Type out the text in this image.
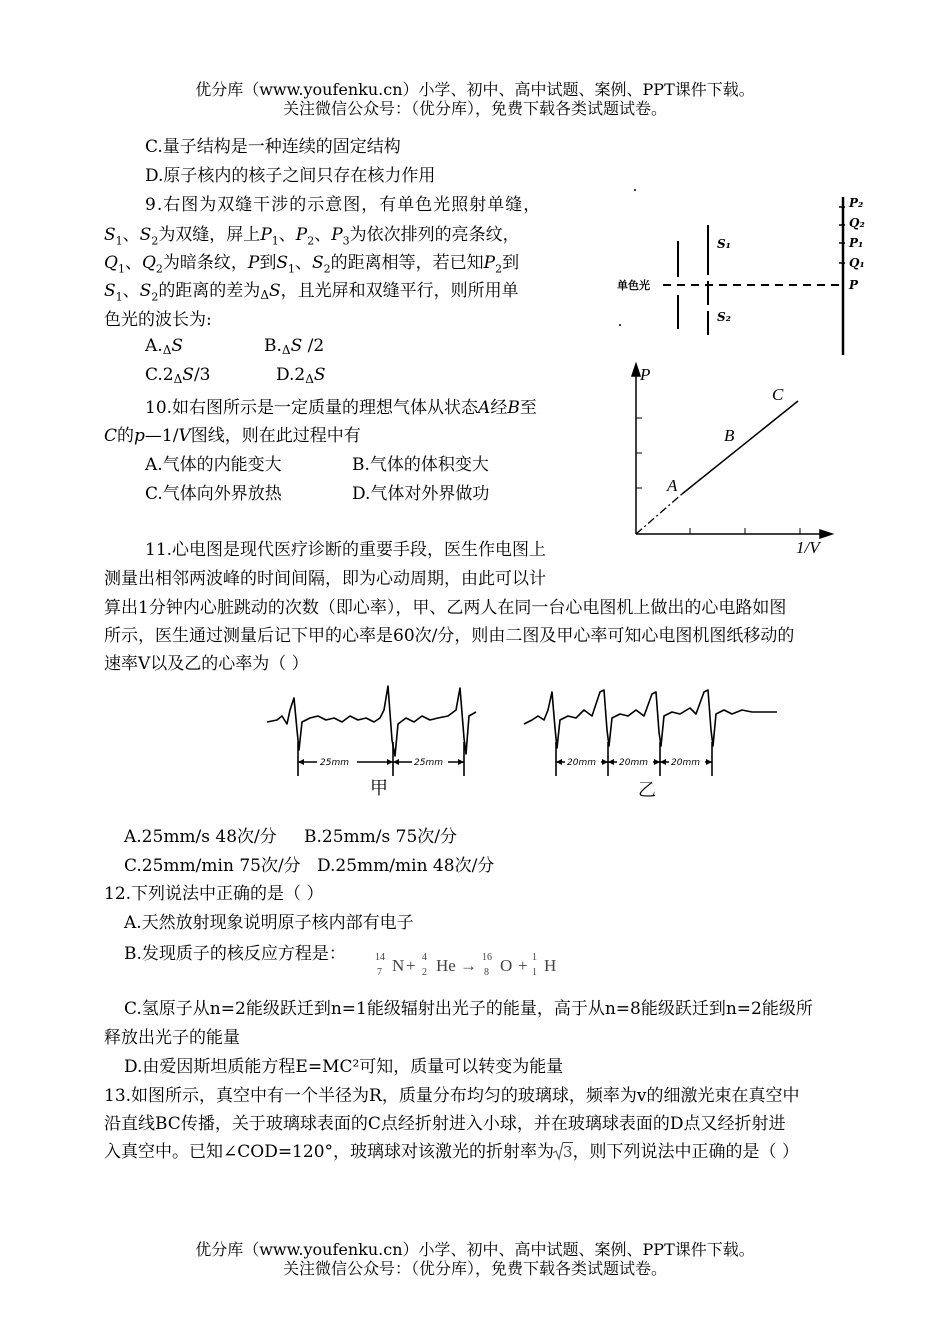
优分库（www.youfenku.cn）小学、初中、高中试题、案例、PPT课件下载。
关注微信公众号：（优分库），免费下载各类试题试卷。
C.量子结构是一种连续的固定结构
D.原子核内的核子之间只存在核力作用
9.右图为双缝干涉的示意图，有单色光照射单缝，
$S_1$、$S_2$为双缝，屏上$P_1$、$P_2$、$P_3$为依次排列的亮条纹，
$Q_1$、$Q_2$为暗条纹，P到$S_1$、$S_2$的距离相等，若已知$P_2$到
$S_1$、$S_2$的距离的差为ΔS，且光屏和双缝平行，则所用单
色光的波长为:
A.ΔS	B.ΔS /2
C.2ΔS/3	D.2ΔS
单色光
S₁
S₂
P₂
Q₂
P₁
Q₁
P
10.如右图所示是一定质量的理想气体从状态A经B至
C的p—1/V图线，则在此过程中有
A.气体的内能变大	B.气体的体积变大
C.气体向外界放热	D.气体对外界做功
P
1/V
A
B
C
11.心电图是现代医疗诊断的重要手段，医生作电图上
测量出相邻两波峰的时间间隔，即为心动周期，由此可以计
算出1分钟内心脏跳动的次数（即心率），甲、乙两人在同一台心电图机上做出的心电路如图
所示，医生通过测量后记下甲的心率是60次/分，则由二图及甲心率可知心电图机图纸移动的
速率V以及乙的心率为（ ）
25mm	25mm	20mm	20mm	20mm
甲	乙
A.25mm/s 48次/分 B.25mm/s 75次/分
C.25mm/min 75次/分 D.25mm/min 48次/分
12.下列说法中正确的是（ ）
A.天然放射现象说明原子核内部有电子
B.发现质子的核反应方程是：	14
7 N + 4
2 He → 16
8 O + 1
1 H
C.氢原子从n=2能级跃迁到n=1能级辐射出光子的能量，高于从n=8能级跃迁到n=2能级所
释放出光子的能量
D.由爱因斯坦质能方程E=MC²可知，质量可以转变为能量
13.如图所示，真空中有一个半径为R，质量分布均匀的玻璃球，频率为v的细激光束在真空中
沿直线BC传播，关于玻璃球表面的C点经折射进入小球，并在玻璃球表面的D点又经折射进
入真空中。已知∠COD=120°，玻璃球对该激光的折射率为 3，则下列说法中正确的是（ ）
优分库（www.youfenku.cn）小学、初中、高中试题、案例、PPT课件下载。
关注微信公众号：（优分库），免费下载各类试题试卷。
